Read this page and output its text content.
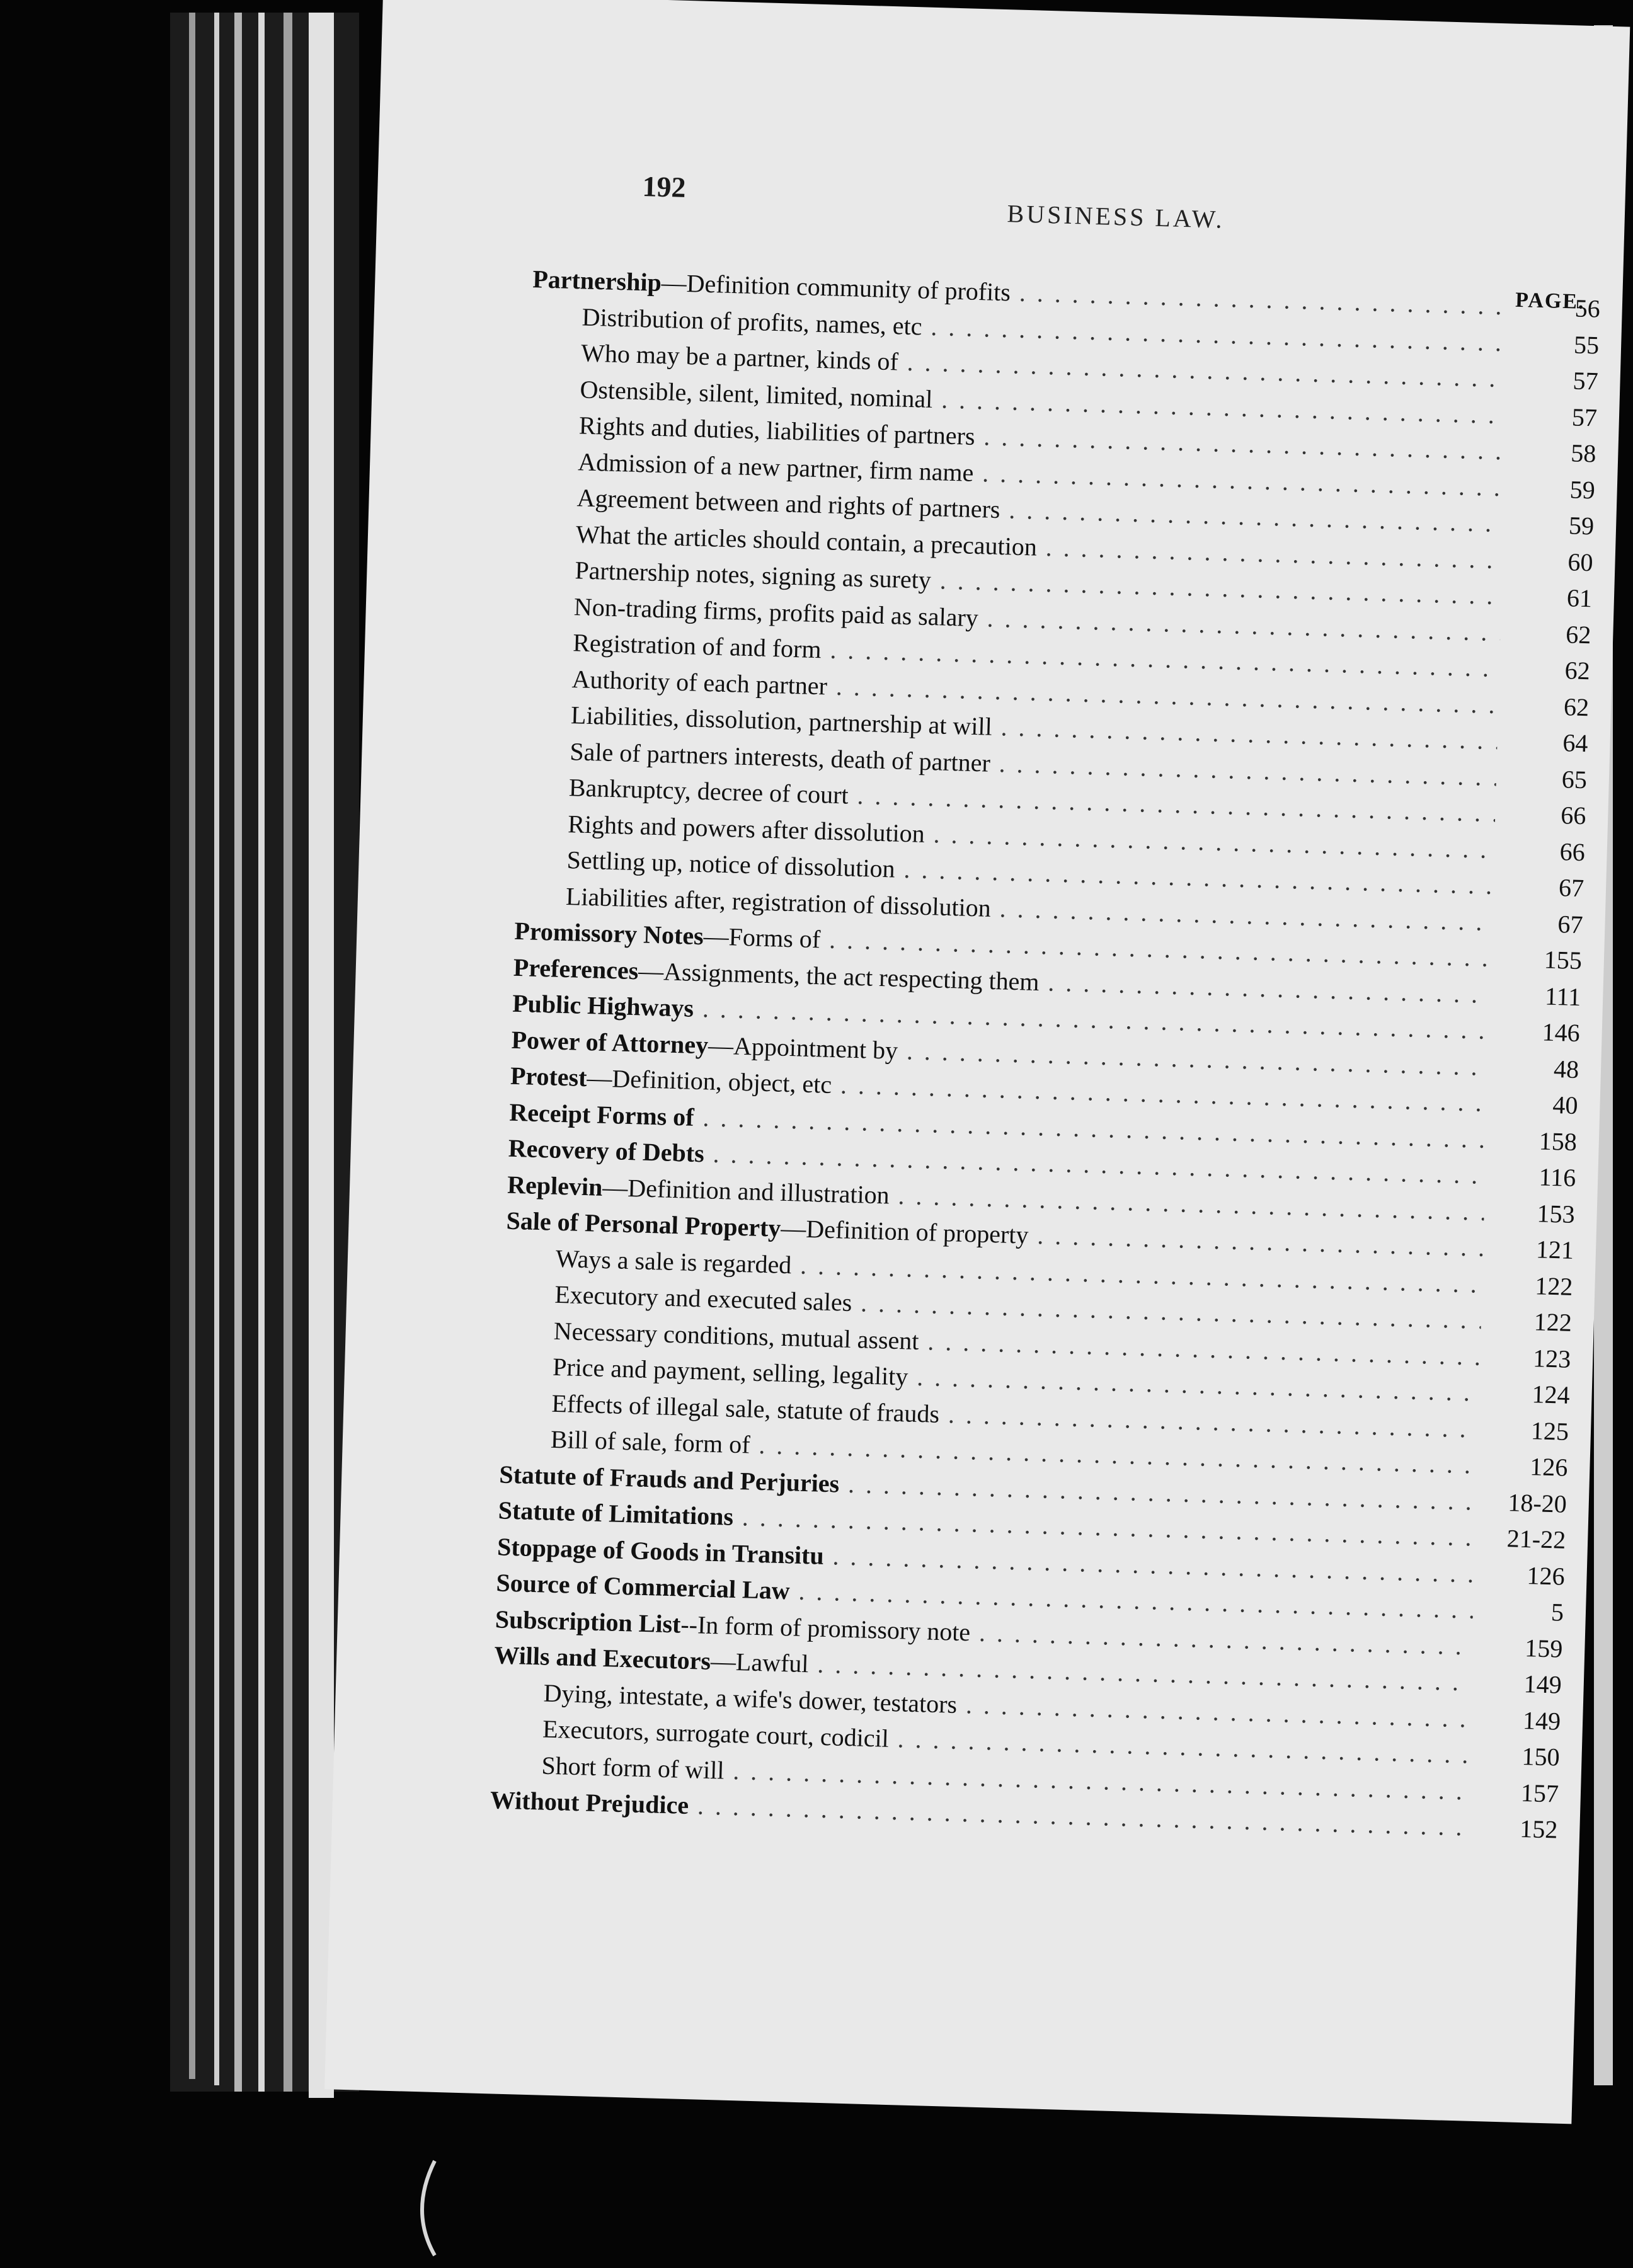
192
BUSINESS LAW.
PAGE.
Partnership
—Definition community of profits
. . .
56
Distribution of profits, names, etc
. . .
55
Who may be a partner, kinds of
. . .
57
Ostensible, silent, limited, nominal
. . .
57
Rights and duties, liabilities of partners
. . .
58
Admission of a new partner, firm name
. . .
59
Agreement between and rights of partners
. . .
59
What the articles should contain, a precaution
. . .
60
Partnership notes, signing as surety
. . .
61
Non-trading firms, profits paid as salary
. . .
62
Registration of and form
. . .
62
Authority of each partner
. . .
62
Liabilities, dissolution, partnership at will
. . .
64
Sale of partners interests, death of partner
. . .
65
Bankruptcy, decree of court
. . .
66
Rights and powers after dissolution
. . .
66
Settling up, notice of dissolution
. . .
67
Liabilities after, registration of dissolution
. . .
67
Promissory Notes
—Forms of
. . .
155
Preferences
—Assignments, the act respecting them
. . .
111
Public Highways
. . .
146
Power of Attorney
—Appointment by
. . .
48
Protest
—Definition, object, etc
. . .
40
Receipt Forms of
. . .
158
Recovery of Debts
. . .
116
Replevin
—Definition and illustration
. . .
153
Sale of Personal Property
—Definition of property
. . .
121
Ways a sale is regarded
. . .
122
Executory and executed sales
. . .
122
Necessary conditions, mutual assent
. . .
123
Price and payment, selling, legality
. . .
124
Effects of illegal sale, statute of frauds
. . .
125
Bill of sale, form of
. . .
126
Statute of Frauds and Perjuries
. . .
18-20
Statute of Limitations
. . .
21-22
Stoppage of Goods in Transitu
. . .
126
Source of Commercial Law
. . .
5
Subscription List
--In form of promissory note
. . .
159
Wills and Executors
—Lawful
. . .
149
Dying, intestate, a wife's dower, testators
. . .
149
Executors, surrogate court, codicil
. . .
150
Short form of will
. . .
157
Without Prejudice
. . .
152
